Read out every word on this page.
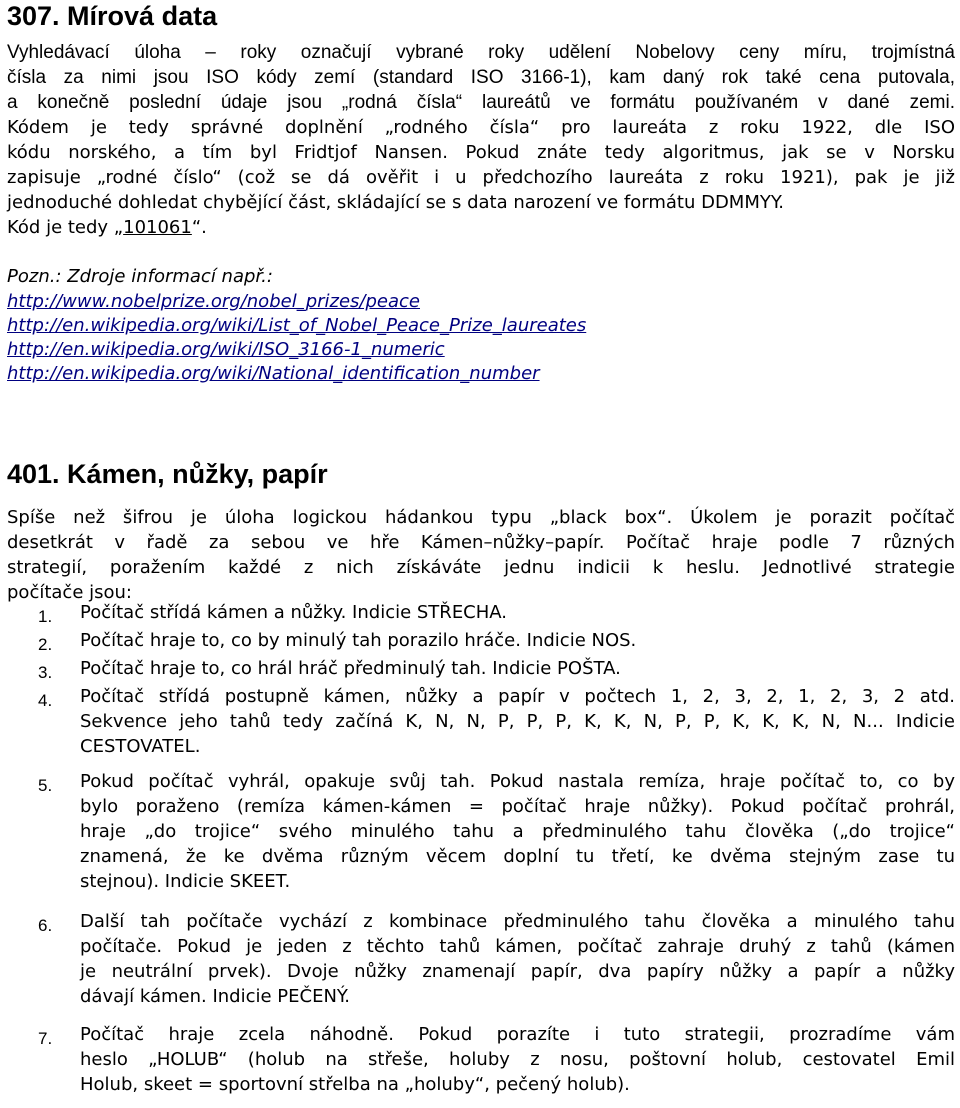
307. Mírová data
Vyhledávací úloha – roky označují vybrané roky udělení Nobelovy ceny míru, trojmístná
čísla za nimi jsou ISO kódy zemí (standard ISO 3166-1), kam daný rok také cena putovala,
a konečně poslední údaje jsou „rodná čísla“ laureátů ve formátu používaném v dané zemi.
Kódem je tedy správné doplnění „rodného čísla“ pro laureáta z roku 1922, dle ISO
kódu norského, a tím byl Fridtjof Nansen. Pokud znáte tedy algoritmus, jak se v Norsku
zapisuje „rodné číslo“ (což se dá ověřit i u předchozího laureáta z roku 1921), pak je již
jednoduché dohledat chybějící část, skládající se s data narození ve formátu DDMMYY.
Kód je tedy „101061“.
Pozn.: Zdroje informací např.:
http://www.nobelprize.org/nobel_prizes/peace
http://en.wikipedia.org/wiki/List_of_Nobel_Peace_Prize_laureates
http://en.wikipedia.org/wiki/ISO_3166-1_numeric
http://en.wikipedia.org/wiki/National_identification_number
401. Kámen, nůžky, papír
Spíše než šifrou je úloha logickou hádankou typu „black box“. Úkolem je porazit počítač
desetkrát v řadě za sebou ve hře Kámen–nůžky–papír. Počítač hraje podle 7 různých
strategií, poražením každé z nich získáváte jednu indicii k heslu. Jednotlivé strategie
počítače jsou:
1.	Počítač střídá kámen a nůžky. Indicie STŘECHA.
2.	Počítač hraje to, co by minulý tah porazilo hráče. Indicie NOS.
3.	Počítač hraje to, co hrál hráč předminulý tah. Indicie POŠTA.
4.	Počítač střídá postupně kámen, nůžky a papír v počtech 1, 2, 3, 2, 1, 2, 3, 2 atd.
Sekvence jeho tahů tedy začíná K, N, N, P, P, P, K, K, N, P, P, K, K, K, N, N... Indicie
CESTOVATEL.
5.	Pokud počítač vyhrál, opakuje svůj tah. Pokud nastala remíza, hraje počítač to, co by
bylo poraženo (remíza kámen-kámen = počítač hraje nůžky). Pokud počítač prohrál,
hraje „do trojice“ svého minulého tahu a předminulého tahu člověka („do trojice“
znamená, že ke dvěma různým věcem doplní tu třetí, ke dvěma stejným zase tu
stejnou). Indicie SKEET.
6.	Další tah počítače vychází z kombinace předminulého tahu člověka a minulého tahu
počítače. Pokud je jeden z těchto tahů kámen, počítač zahraje druhý z tahů (kámen
je neutrální prvek). Dvoje nůžky znamenají papír, dva papíry nůžky a papír a nůžky
dávají kámen. Indicie PEČENÝ.
7.	Počítač hraje zcela náhodně. Pokud porazíte i tuto strategii, prozradíme vám
heslo „HOLUB“ (holub na střeše, holuby z nosu, poštovní holub, cestovatel Emil
Holub, skeet = sportovní střelba na „holuby“, pečený holub).
